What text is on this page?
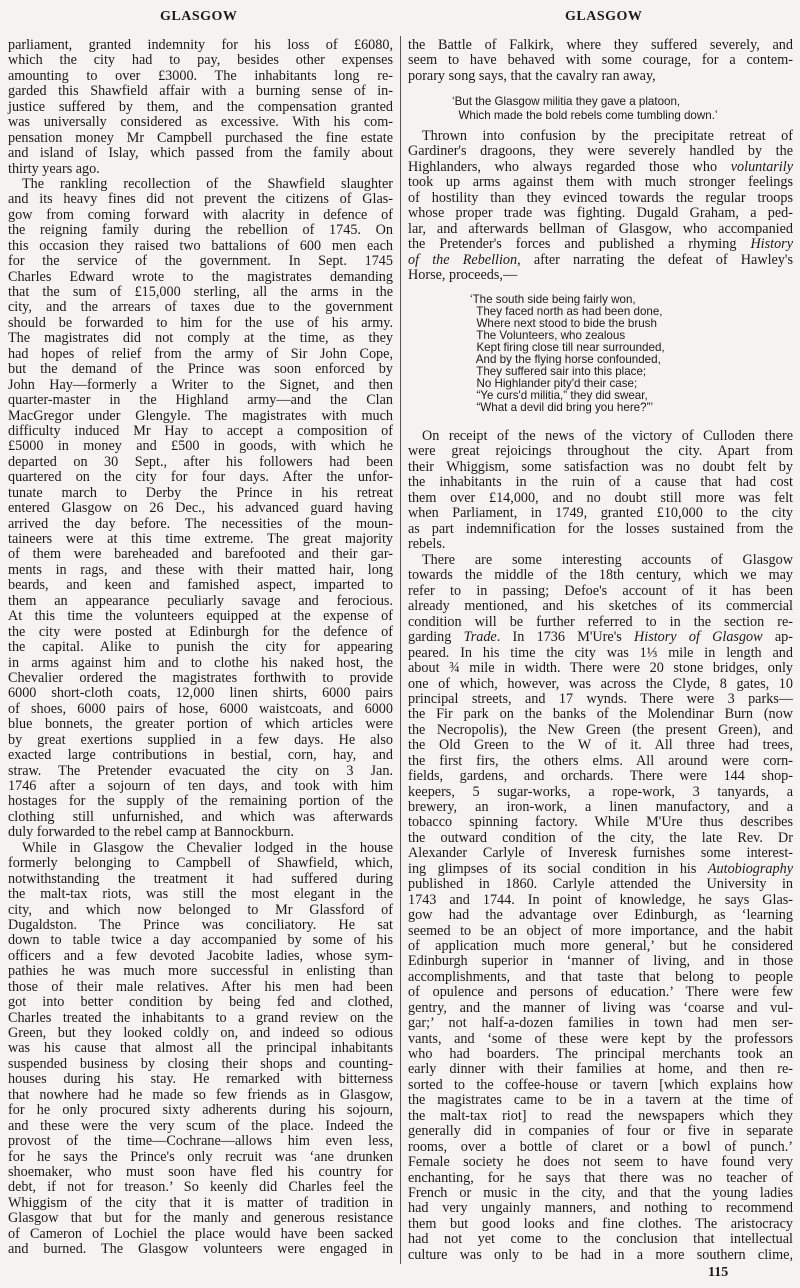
GLASGOW	GLASGOW
parliament, granted indemnity for his loss of £6080,
which the city had to pay, besides other expenses
amounting to over £3000. The inhabitants long re-
garded this Shawfield affair with a burning sense of in-
justice suffered by them, and the compensation granted
was universally considered as excessive. With his com-
pensation money Mr Campbell purchased the fine estate
and island of Islay, which passed from the family about
thirty years ago.
The rankling recollection of the Shawfield slaughter
and its heavy fines did not prevent the citizens of Glas-
gow from coming forward with alacrity in defence of
the reigning family during the rebellion of 1745. On
this occasion they raised two battalions of 600 men each
for the service of the government. In Sept. 1745
Charles Edward wrote to the magistrates demanding
that the sum of £15,000 sterling, all the arms in the
city, and the arrears of taxes due to the government
should be forwarded to him for the use of his army.
The magistrates did not comply at the time, as they
had hopes of relief from the army of Sir John Cope,
but the demand of the Prince was soon enforced by
John Hay—formerly a Writer to the Signet, and then
quarter-master in the Highland army—and the Clan
MacGregor under Glengyle. The magistrates with much
difficulty induced Mr Hay to accept a composition of
£5000 in money and £500 in goods, with which he
departed on 30 Sept., after his followers had been
quartered on the city for four days. After the unfor-
tunate march to Derby the Prince in his retreat
entered Glasgow on 26 Dec., his advanced guard having
arrived the day before. The necessities of the moun-
taineers were at this time extreme. The great majority
of them were bareheaded and barefooted and their gar-
ments in rags, and these with their matted hair, long
beards, and keen and famished aspect, imparted to
them an appearance peculiarly savage and ferocious.
At this time the volunteers equipped at the expense of
the city were posted at Edinburgh for the defence of
the capital. Alike to punish the city for appearing
in arms against him and to clothe his naked host, the
Chevalier ordered the magistrates forthwith to provide
6000 short-cloth coats, 12,000 linen shirts, 6000 pairs
of shoes, 6000 pairs of hose, 6000 waistcoats, and 6000
blue bonnets, the greater portion of which articles were
by great exertions supplied in a few days. He also
exacted large contributions in bestial, corn, hay, and
straw. The Pretender evacuated the city on 3 Jan.
1746 after a sojourn of ten days, and took with him
hostages for the supply of the remaining portion of the
clothing still unfurnished, and which was afterwards
duly forwarded to the rebel camp at Bannockburn.
While in Glasgow the Chevalier lodged in the house
formerly belonging to Campbell of Shawfield, which,
notwithstanding the treatment it had suffered during
the malt-tax riots, was still the most elegant in the
city, and which now belonged to Mr Glassford of
Dugaldston. The Prince was conciliatory. He sat
down to table twice a day accompanied by some of his
officers and a few devoted Jacobite ladies, whose sym-
pathies he was much more successful in enlisting than
those of their male relatives. After his men had been
got into better condition by being fed and clothed,
Charles treated the inhabitants to a grand review on the
Green, but they looked coldly on, and indeed so odious
was his cause that almost all the principal inhabitants
suspended business by closing their shops and counting-
houses during his stay. He remarked with bitterness
that nowhere had he made so few friends as in Glasgow,
for he only procured sixty adherents during his sojourn,
and these were the very scum of the place. Indeed the
provost of the time—Cochrane—allows him even less,
for he says the Prince's only recruit was ‘ane drunken
shoemaker, who must soon have fled his country for
debt, if not for treason.’ So keenly did Charles feel the
Whiggism of the city that it is matter of tradition in
Glasgow that but for the manly and generous resistance
of Cameron of Lochiel the place would have been sacked
and burned. The Glasgow volunteers were engaged in
the Battle of Falkirk, where they suffered severely, and
seem to have behaved with some courage, for a contem-
porary song says, that the cavalry ran away,
‘But the Glasgow militia they gave a platoon,
Which made the bold rebels come tumbling down.’
Thrown into confusion by the precipitate retreat of
Gardiner's dragoons, they were severely handled by the
Highlanders, who always regarded those who voluntarily
took up arms against them with much stronger feelings
of hostility than they evinced towards the regular troops
whose proper trade was fighting. Dugald Graham, a ped-
lar, and afterwards bellman of Glasgow, who accompanied
the Pretender's forces and published a rhyming History
of the Rebellion, after narrating the defeat of Hawley's
Horse, proceeds,—
‘The south side being fairly won,
They faced north as had been done,
Where next stood to bide the brush
The Volunteers, who zealous
Kept firing close till near surrounded,
And by the flying horse confounded,
They suffered sair into this place;
No Highlander pity'd their case;
“Ye curs'd militia,” they did swear,
“What a devil did bring you here?”’
On receipt of the news of the victory of Culloden there
were great rejoicings throughout the city. Apart from
their Whiggism, some satisfaction was no doubt felt by
the inhabitants in the ruin of a cause that had cost
them over £14,000, and no doubt still more was felt
when Parliament, in 1749, granted £10,000 to the city
as part indemnification for the losses sustained from the
rebels.
There are some interesting accounts of Glasgow
towards the middle of the 18th century, which we may
refer to in passing; Defoe's account of it has been
already mentioned, and his sketches of its commercial
condition will be further referred to in the section re-
garding Trade. In 1736 M'Ure's History of Glasgow ap-
peared. In his time the city was 1⅓ mile in length and
about ¾ mile in width. There were 20 stone bridges, only
one of which, however, was across the Clyde, 8 gates, 10
principal streets, and 17 wynds. There were 3 parks—
the Fir park on the banks of the Molendinar Burn (now
the Necropolis), the New Green (the present Green), and
the Old Green to the W of it. All three had trees,
the first firs, the others elms. All around were corn-
fields, gardens, and orchards. There were 144 shop-
keepers, 5 sugar-works, a rope-work, 3 tanyards, a
brewery, an iron-work, a linen manufactory, and a
tobacco spinning factory. While M'Ure thus describes
the outward condition of the city, the late Rev. Dr
Alexander Carlyle of Inveresk furnishes some interest-
ing glimpses of its social condition in his Autobiography
published in 1860. Carlyle attended the University in
1743 and 1744. In point of knowledge, he says Glas-
gow had the advantage over Edinburgh, as ‘learning
seemed to be an object of more importance, and the habit
of application much more general,’ but he considered
Edinburgh superior in ‘manner of living, and in those
accomplishments, and that taste that belong to people
of opulence and persons of education.’ There were few
gentry, and the manner of living was ‘coarse and vul-
gar;’ not half-a-dozen families in town had men ser-
vants, and ‘some of these were kept by the professors
who had boarders. The principal merchants took an
early dinner with their families at home, and then re-
sorted to the coffee-house or tavern [which explains how
the magistrates came to be in a tavern at the time of
the malt-tax riot] to read the newspapers which they
generally did in companies of four or five in separate
rooms, over a bottle of claret or a bowl of punch.’
Female society he does not seem to have found very
enchanting, for he says that there was no teacher of
French or music in the city, and that the young ladies
had very ungainly manners, and nothing to recommend
them but good looks and fine clothes. The aristocracy
had not yet come to the conclusion that intellectual
culture was only to be had in a more southern clime,
115
